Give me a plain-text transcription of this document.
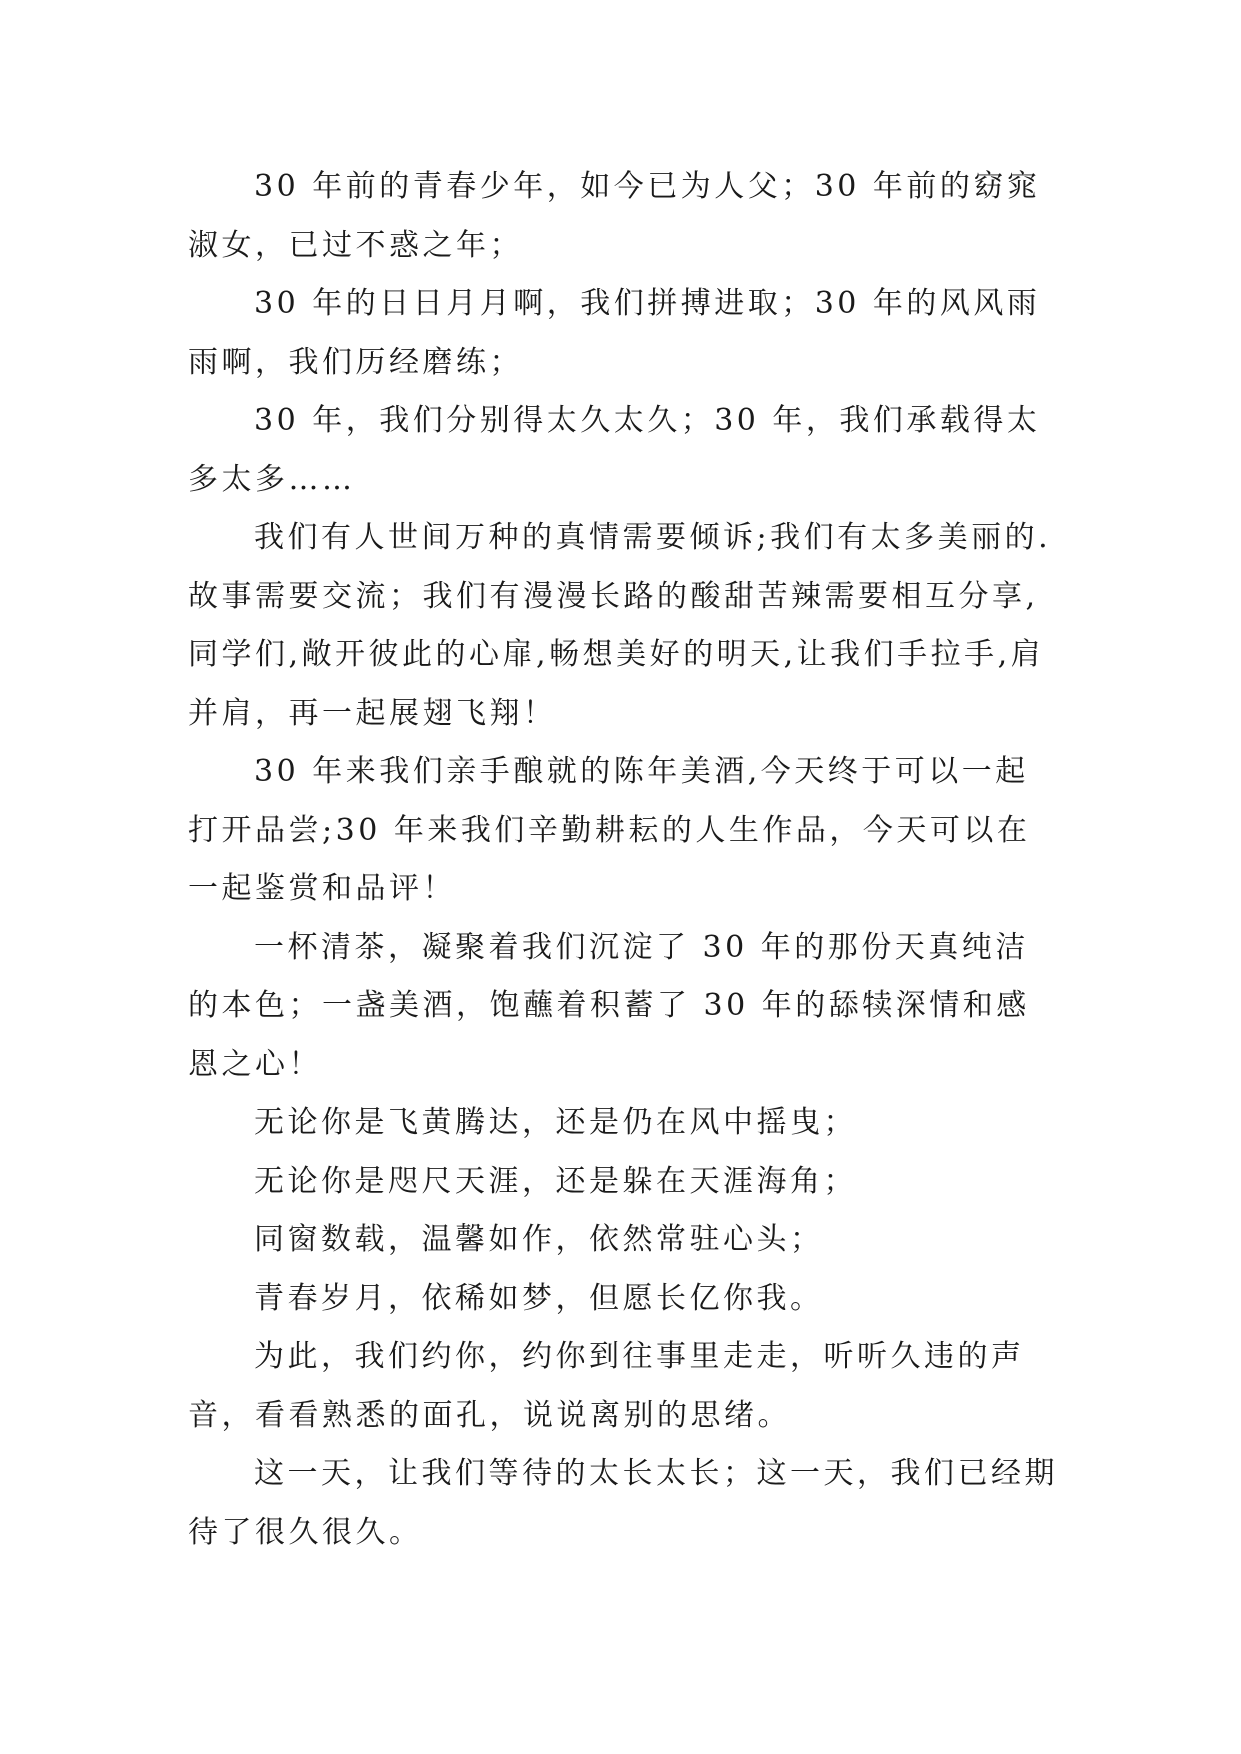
30 年前的青春少年，如今已为人父；30 年前的窈窕淑女，已过不惑之年；

30 年的日日月月啊，我们拼搏进取；30 年的风风雨雨啊，我们历经磨练；

30 年，我们分别得太久太久；30 年，我们承载得太多太多……

我们有人世间万种的真情需要倾诉;我们有太多美丽的.故事需要交流；我们有漫漫长路的酸甜苦辣需要相互分享,同学们,敞开彼此的心扉,畅想美好的明天,让我们手拉手,肩并肩，再一起展翅飞翔！

30 年来我们亲手酿就的陈年美酒,今天终于可以一起打开品尝;30 年来我们辛勤耕耘的人生作品，今天可以在一起鉴赏和品评！

一杯清茶，凝聚着我们沉淀了 30 年的那份天真纯洁的本色；一盏美酒，饱蘸着积蓄了 30 年的舔犊深情和感恩之心！

无论你是飞黄腾达，还是仍在风中摇曳；

无论你是咫尺天涯，还是躲在天涯海角；

同窗数载，温馨如作，依然常驻心头；

青春岁月，依稀如梦，但愿长亿你我。

为此，我们约你，约你到往事里走走，听听久违的声音，看看熟悉的面孔，说说离别的思绪。

这一天，让我们等待的太长太长；这一天，我们已经期待了很久很久。
